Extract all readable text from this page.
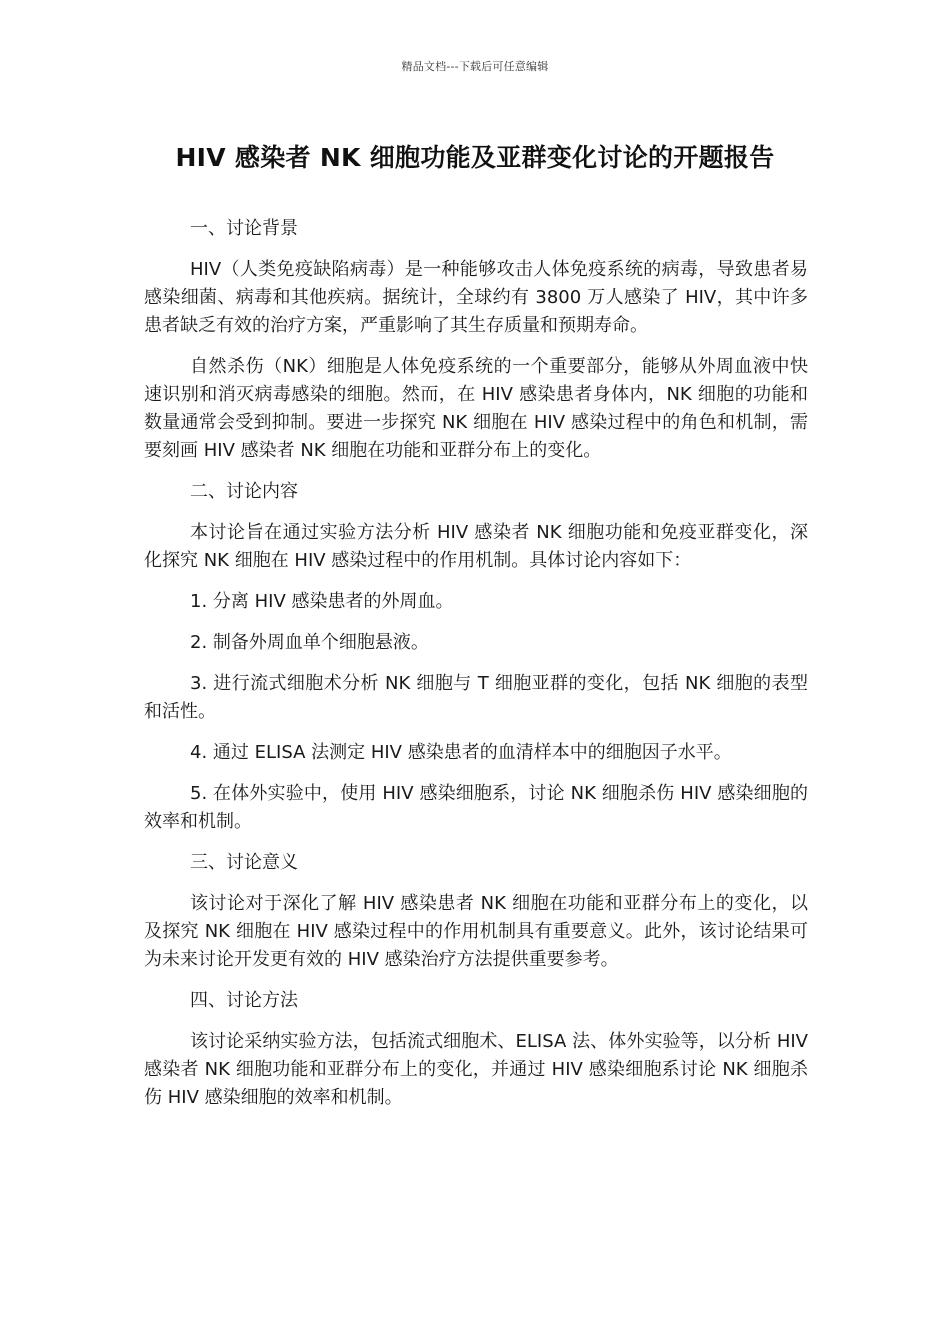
精品文档---下载后可任意编辑
HIV 感染者 NK 细胞功能及亚群变化讨论的开题报告

一、讨论背景

HIV（人类免疫缺陷病毒）是一种能够攻击人体免疫系统的病毒，导致患者易感染细菌、病毒和其他疾病。据统计，全球约有 3800 万人感染了 HIV，其中许多患者缺乏有效的治疗方案，严重影响了其生存质量和预期寿命。

自然杀伤（NK）细胞是人体免疫系统的一个重要部分，能够从外周血液中快速识别和消灭病毒感染的细胞。然而，在 HIV 感染患者身体内，NK 细胞的功能和数量通常会受到抑制。要进一步探究 NK 细胞在 HIV 感染过程中的角色和机制，需要刻画 HIV 感染者 NK 细胞在功能和亚群分布上的变化。

二、讨论内容

本讨论旨在通过实验方法分析 HIV 感染者 NK 细胞功能和免疫亚群变化，深化探究 NK 细胞在 HIV 感染过程中的作用机制。具体讨论内容如下：

1. 分离 HIV 感染患者的外周血。

2. 制备外周血单个细胞悬液。

3. 进行流式细胞术分析 NK 细胞与 T 细胞亚群的变化，包括 NK 细胞的表型和活性。

4. 通过 ELISA 法测定 HIV 感染患者的血清样本中的细胞因子水平。

5. 在体外实验中，使用 HIV 感染细胞系，讨论 NK 细胞杀伤 HIV 感染细胞的效率和机制。

三、讨论意义

该讨论对于深化了解 HIV 感染患者 NK 细胞在功能和亚群分布上的变化，以及探究 NK 细胞在 HIV 感染过程中的作用机制具有重要意义。此外，该讨论结果可为未来讨论开发更有效的 HIV 感染治疗方法提供重要参考。

四、讨论方法

该讨论采纳实验方法，包括流式细胞术、ELISA 法、体外实验等，以分析 HIV 感染者 NK 细胞功能和亚群分布上的变化，并通过 HIV 感染细胞系讨论 NK 细胞杀伤 HIV 感染细胞的效率和机制。
